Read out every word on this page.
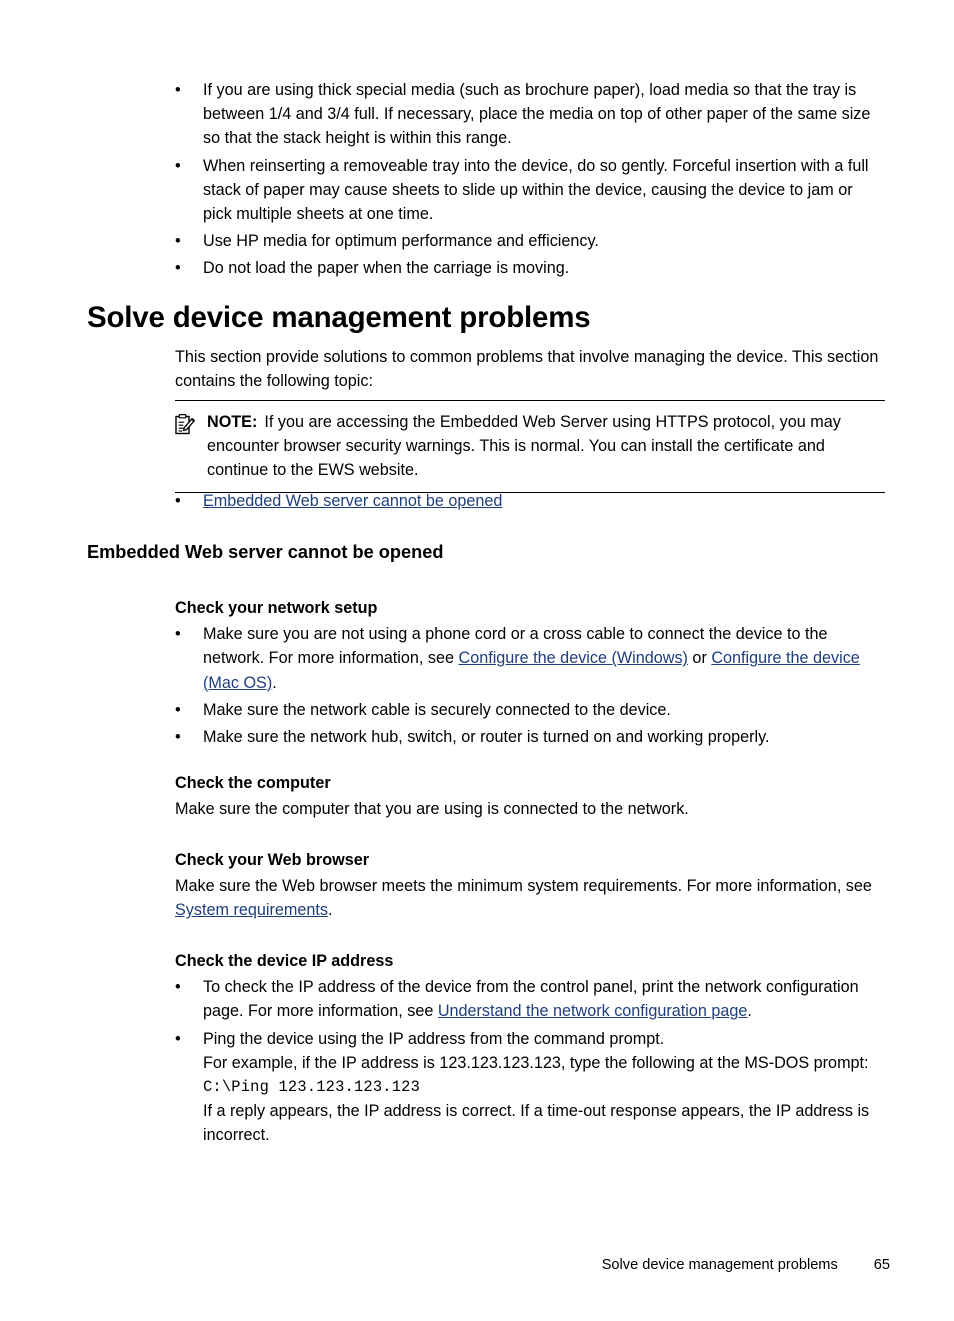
• If you are using thick special media (such as brochure paper), load media so that the tray is between 1/4 and 3/4 full. If necessary, place the media on top of other paper of the same size so that the stack height is within this range.
• When reinserting a removeable tray into the device, do so gently. Forceful insertion with a full stack of paper may cause sheets to slide up within the device, causing the device to jam or pick multiple sheets at one time.
• Use HP media for optimum performance and efficiency.
• Do not load the paper when the carriage is moving.
Solve device management problems
This section provide solutions to common problems that involve managing the device. This section contains the following topic:
NOTE: If you are accessing the Embedded Web Server using HTTPS protocol, you may encounter browser security warnings. This is normal. You can install the certificate and continue to the EWS website.
• Embedded Web server cannot be opened
Embedded Web server cannot be opened
Check your network setup
• Make sure you are not using a phone cord or a cross cable to connect the device to the network. For more information, see Configure the device (Windows) or Configure the device (Mac OS).
• Make sure the network cable is securely connected to the device.
• Make sure the network hub, switch, or router is turned on and working properly.
Check the computer
Make sure the computer that you are using is connected to the network.
Check your Web browser
Make sure the Web browser meets the minimum system requirements. For more information, see System requirements.
Check the device IP address
• To check the IP address of the device from the control panel, print the network configuration page. For more information, see Understand the network configuration page.
• Ping the device using the IP address from the command prompt.
For example, if the IP address is 123.123.123.123, type the following at the MS-DOS prompt:
C:\Ping 123.123.123.123
If a reply appears, the IP address is correct. If a time-out response appears, the IP address is incorrect.
Solve device management problems 65
